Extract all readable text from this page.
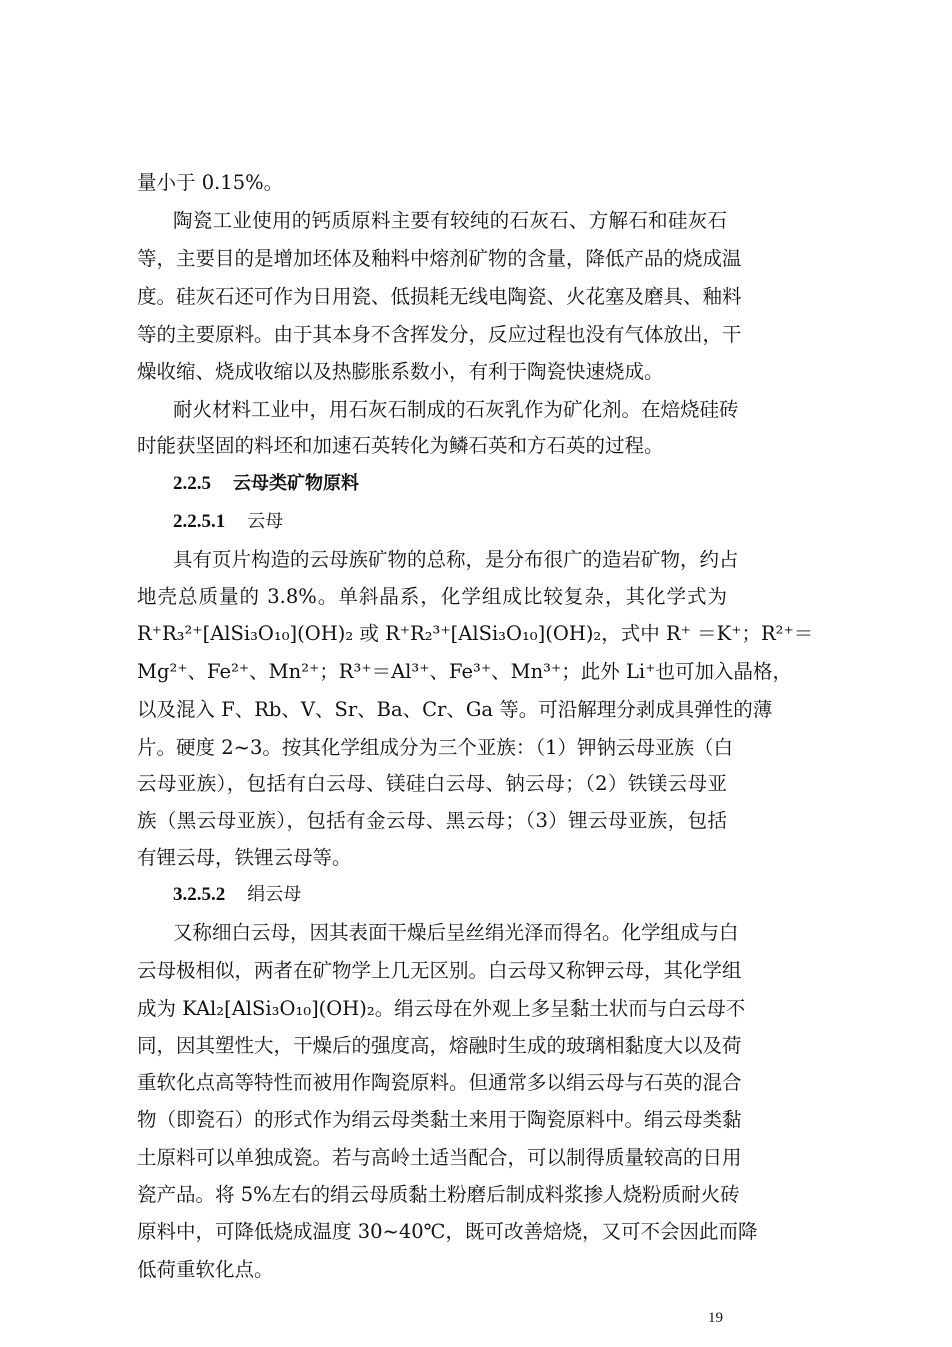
量小于 0.15%。
陶瓷工业使用的钙质原料主要有较纯的石灰石、方解石和硅灰石
等，主要目的是增加坯体及釉料中熔剂矿物的含量，降低产品的烧成温
度。硅灰石还可作为日用瓷、低损耗无线电陶瓷、火花塞及磨具、釉料
等的主要原料。由于其本身不含挥发分，反应过程也没有气体放出，干
燥收缩、烧成收缩以及热膨胀系数小，有利于陶瓷快速烧成。
耐火材料工业中，用石灰石制成的石灰乳作为矿化剂。在焙烧硅砖
时能获坚固的料坯和加速石英转化为鳞石英和方石英的过程。
2.2.5 云母类矿物原料
2.2.5.1 云母
具有页片构造的云母族矿物的总称，是分布很广的造岩矿物，约占
地壳总质量的 3.8%。单斜晶系，化学组成比较复杂，其化学式为
R⁺R₃²⁺[AlSi₃O₁₀](OH)₂ 或 R⁺R₂³⁺[AlSi₃O₁₀](OH)₂，式中 R⁺ ＝K⁺；R²⁺＝
Mg²⁺、Fe²⁺、Mn²⁺；R³⁺＝Al³⁺、Fe³⁺、Mn³⁺；此外 Li⁺也可加入晶格，
以及混入 F、Rb、V、Sr、Ba、Cr、Ga 等。可沿解理分剥成具弹性的薄
片。硬度 2~3。按其化学组成分为三个亚族：（1）钾钠云母亚族（白
云母亚族），包括有白云母、镁硅白云母、钠云母；（2）铁镁云母亚
族（黑云母亚族），包括有金云母、黑云母；（3）锂云母亚族，包括
有锂云母，铁锂云母等。
3.2.5.2 绢云母
又称细白云母，因其表面干燥后呈丝绢光泽而得名。化学组成与白
云母极相似，两者在矿物学上几无区别。白云母又称钾云母，其化学组
成为 KAl₂[AlSi₃O₁₀](OH)₂。绢云母在外观上多呈黏土状而与白云母不
同，因其塑性大，干燥后的强度高，熔融时生成的玻璃相黏度大以及荷
重软化点高等特性而被用作陶瓷原料。但通常多以绢云母与石英的混合
物（即瓷石）的形式作为绢云母类黏土来用于陶瓷原料中。绢云母类黏
土原料可以单独成瓷。若与高岭土适当配合，可以制得质量较高的日用
瓷产品。将 5%左右的绢云母质黏土粉磨后制成料浆掺人烧粉质耐火砖
原料中，可降低烧成温度 30~40℃，既可改善焙烧，又可不会因此而降
低荷重软化点。
19
